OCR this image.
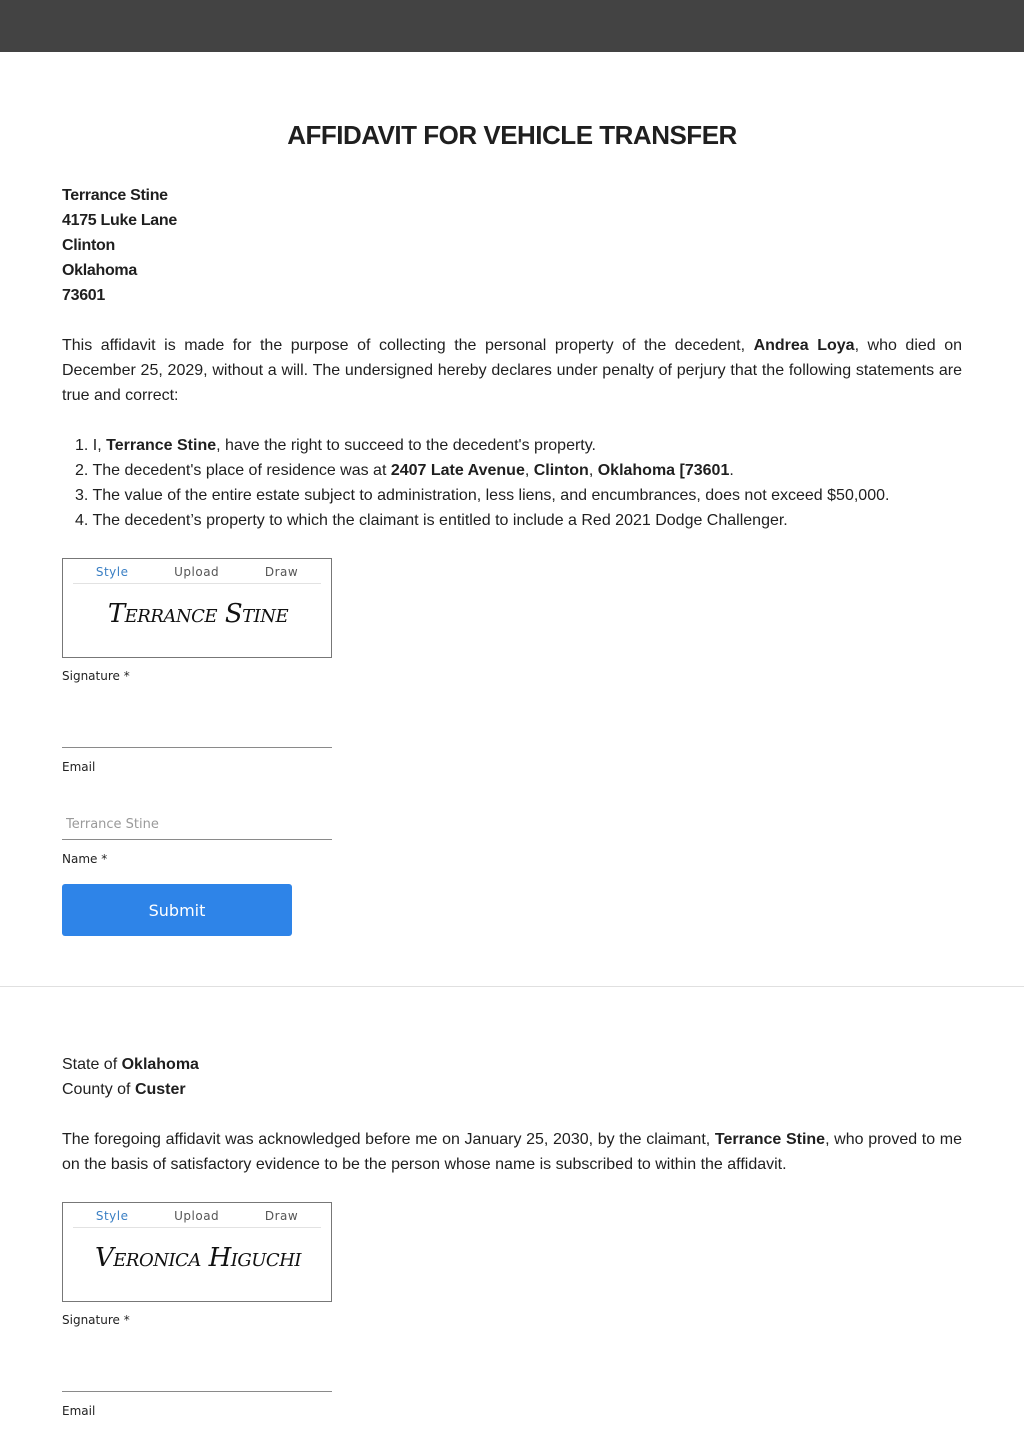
AFFIDAVIT FOR VEHICLE TRANSFER
Terrance Stine
4175 Luke Lane
Clinton
Oklahoma
73601

This affidavit is made for the purpose of collecting the personal property of the decedent, Andrea Loya, who died on December 25, 2029, without a will. The undersigned hereby declares under penalty of perjury that the following statements are true and correct:

1. I, Terrance Stine, have the right to succeed to the decedent's property.
2. The decedent's place of residence was at 2407 Late Avenue, Clinton, Oklahoma [73601.
3. The value of the entire estate subject to administration, less liens, and encumbrances, does not exceed $50,000.
4. The decedent’s property to which the claimant is entitled to include a Red 2021 Dodge Challenger.
Style	Upload	Draw
Terrance Stine
Signature *
Email
Terrance Stine
Name *
Submit
State of Oklahoma
County of Custer

The foregoing affidavit was acknowledged before me on January 25, 2030, by the claimant, Terrance Stine, who proved to me on the basis of satisfactory evidence to be the person whose name is subscribed to within the affidavit.

Style	Upload	Draw
Veronica Higuchi
Signature *
Email
